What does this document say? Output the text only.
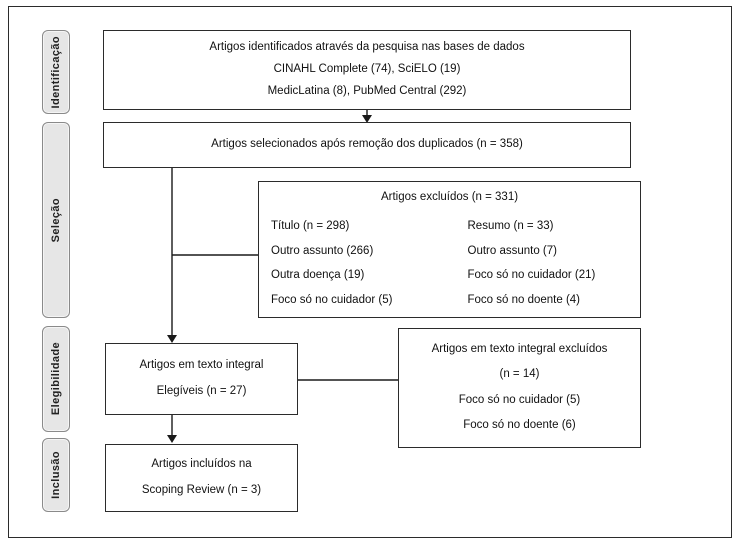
Identificação
Seleção
Elegibilidade
Inclusão
Artigos identificados através da pesquisa nas bases de dados
CINAHL Complete (74), SciELO (19)
MedicLatina (8), PubMed Central (292)
Artigos selecionados após remoção dos duplicados (n = 358)
Artigos excluídos (n = 331)
Título (n = 298)
Outro assunto (266)
Outra doença (19)
Foco só no cuidador (5)
Resumo (n = 33)
Outro assunto (7)
Foco só no cuidador (21)
Foco só no doente (4)
Artigos em texto integral
Elegíveis (n = 27)
Artigos em texto integral excluídos
(n = 14)
Foco só no cuidador (5)
Foco só no doente (6)
Artigos incluídos na
Scoping Review (n = 3)
